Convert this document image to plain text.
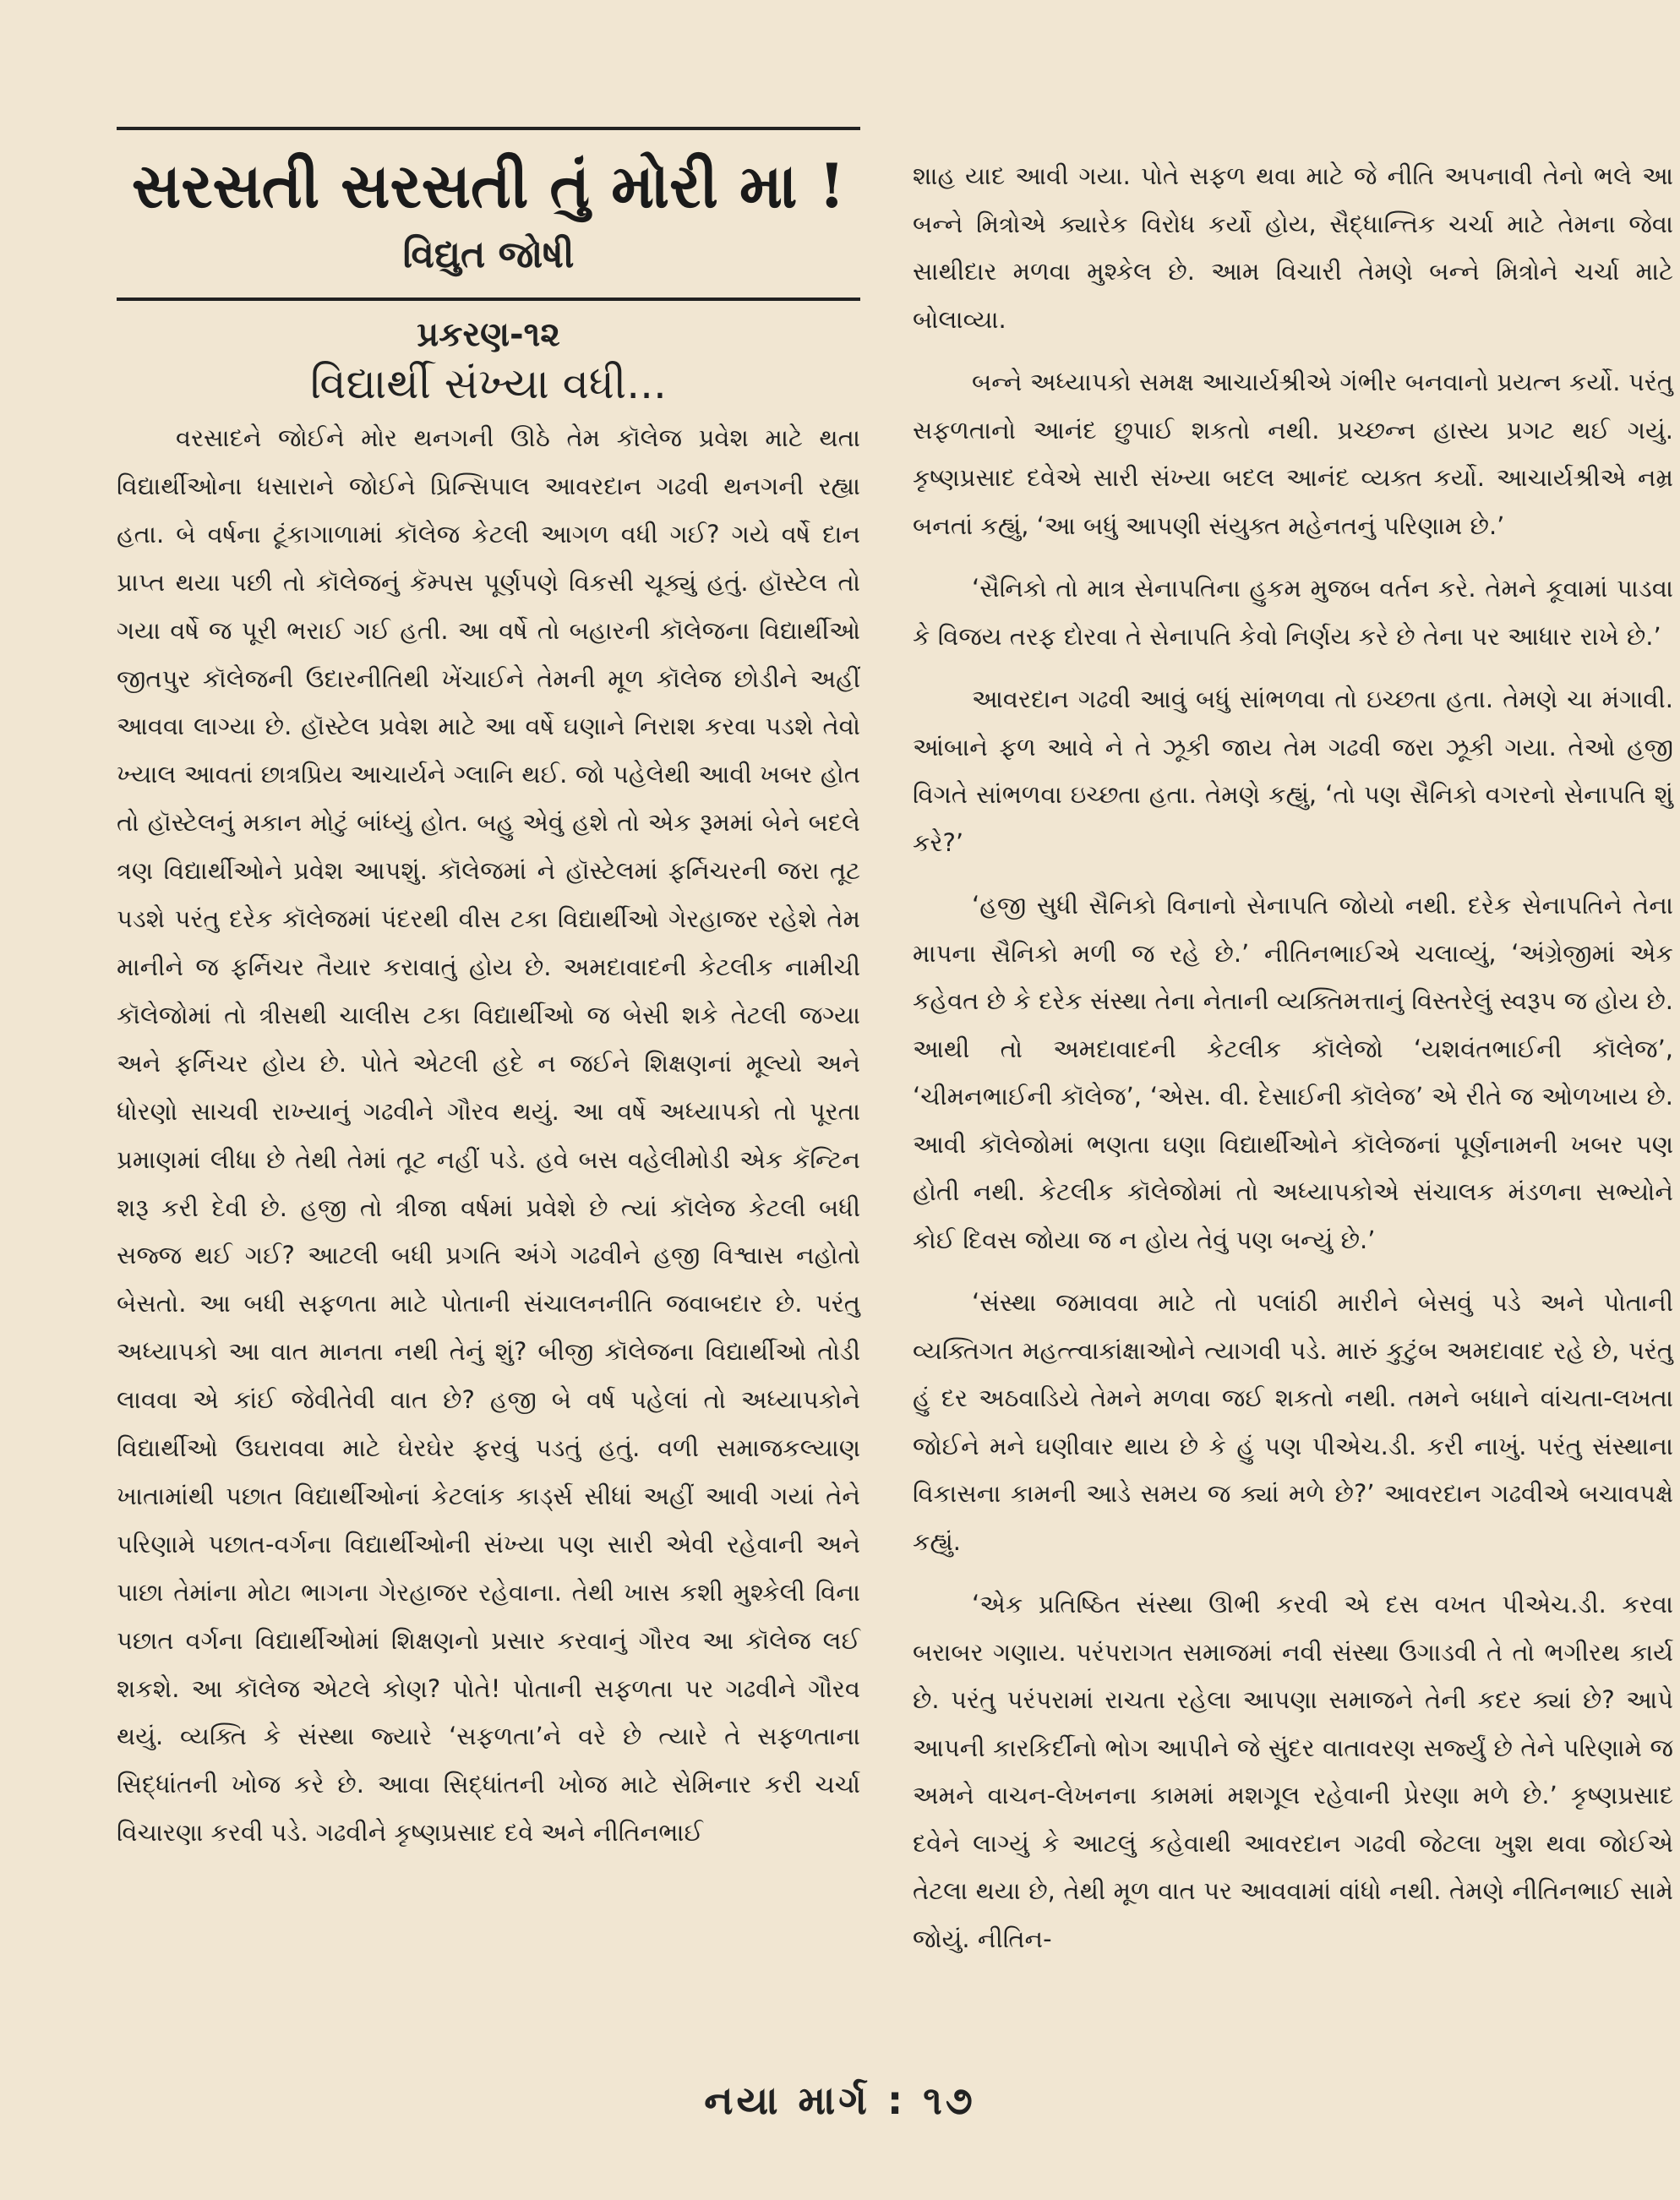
સરસતી સરસતી તું મોરી મા !
વિદ્યુત જોષી
પ્રકરણ-૧૨
વિદ્યાર્થી સંખ્યા વધી...

વરસાદને જોઈને મોર થનગની ઊઠે તેમ કૉલેજ પ્રવેશ માટે થતા વિદ્યાર્થીઓના ધસારાને જોઈને પ્રિન્સિપાલ આવરદાન ગઢવી થનગની રહ્યા હતા. બે વર્ષના ટૂંકાગાળામાં કૉલેજ કેટલી આગળ વધી ગઈ? ગયે વર્ષે દાન પ્રાપ્ત થયા પછી તો કૉલેજનું કૅમ્પસ પૂર્ણપણે વિકસી ચૂક્યું હતું. હૉસ્ટેલ તો ગયા વર્ષે જ પૂરી ભરાઈ ગઈ હતી. આ વર્ષે તો બહારની કૉલેજના વિદ્યાર્થીઓ જીતપુર કૉલેજની ઉદારનીતિથી ખેંચાઈને તેમની મૂળ કૉલેજ છોડીને અહીં આવવા લાગ્યા છે. હૉસ્ટેલ પ્રવેશ માટે આ વર્ષે ઘણાને નિરાશ કરવા પડશે તેવો ખ્યાલ આવતાં છાત્રપ્રિય આચાર્યને ગ્લાનિ થઈ. જો પહેલેથી આવી ખબર હોત તો હૉસ્ટેલનું મકાન મોટું બાંધ્યું હોત. બહુ એવું હશે તો એક રૂમમાં બેને બદલે ત્રણ વિદ્યાર્થીઓને પ્રવેશ આપશું. કૉલેજમાં ને હૉસ્ટેલમાં ફર્નિચરની જરા તૂટ પડશે પરંતુ દરેક કૉલેજમાં પંદરથી વીસ ટકા વિદ્યાર્થીઓ ગેરહાજર રહેશે તેમ માનીને જ ફર્નિચર તૈયાર કરાવાતું હોય છે. અમદાવાદની કેટલીક નામીચી કૉલેજોમાં તો ત્રીસથી ચાલીસ ટકા વિદ્યાર્થીઓ જ બેસી શકે તેટલી જગ્યા અને ફર્નિચર હોય છે. પોતે એટલી હદે ન જઈને શિક્ષણનાં મૂલ્યો અને ધોરણો સાચવી રાખ્યાનું ગઢવીને ગૌરવ થયું. આ વર્ષે અધ્યાપકો તો પૂરતા પ્રમાણમાં લીધા છે તેથી તેમાં તૂટ નહીં પડે. હવે બસ વહેલીમોડી એક કૅન્ટિન શરૂ કરી દેવી છે. હજી તો ત્રીજા વર્ષમાં પ્રવેશે છે ત્યાં કૉલેજ કેટલી બધી સજ્જ થઈ ગઈ? આટલી બધી પ્રગતિ અંગે ગઢવીને હજી વિશ્વાસ નહોતો બેસતો. આ બધી સફળતા માટે પોતાની સંચાલનનીતિ જવાબદાર છે. પરંતુ અધ્યાપકો આ વાત માનતા નથી તેનું શું? બીજી કૉલેજના વિદ્યાર્થીઓ તોડી લાવવા એ કાંઈ જેવીતેવી વાત છે? હજી બે વર્ષ પહેલાં તો અધ્યાપકોને વિદ્યાર્થીઓ ઉઘરાવવા માટે ઘેરઘેર ફરવું પડતું હતું. વળી સમાજકલ્યાણ ખાતામાંથી પછાત વિદ્યાર્થીઓનાં કેટલાંક કાર્ડ્સ સીધાં અહીં આવી ગયાં તેને પરિણામે પછાત-વર્ગના વિદ્યાર્થીઓની સંખ્યા પણ સારી એવી રહેવાની અને પાછા તેમાંના મોટા ભાગના ગેરહાજર રહેવાના. તેથી ખાસ કશી મુશ્કેલી વિના પછાત વર્ગના વિદ્યાર્થીઓમાં શિક્ષણનો પ્રસાર કરવાનું ગૌરવ આ કૉલેજ લઈ શકશે. આ કૉલેજ એટલે કોણ? પોતે! પોતાની સફળતા પર ગઢવીને ગૌરવ થયું. વ્યક્તિ કે સંસ્થા જ્યારે ‘સફળતા’ને વરે છે ત્યારે તે સફળતાના સિદ્ધાંતની ખોજ કરે છે. આવા સિદ્ધાંતની ખોજ માટે સેમિનાર કરી ચર્ચા વિચારણા કરવી પડે. ગઢવીને કૃષ્ણપ્રસાદ દવે અને નીતિનભાઈ

શાહ યાદ આવી ગયા. પોતે સફળ થવા માટે જે નીતિ અપનાવી તેનો ભલે આ બન્ને મિત્રોએ ક્યારેક વિરોધ કર્યો હોય, સૈદ્ધાન્તિક ચર્ચા માટે તેમના જેવા સાથીદાર મળવા મુશ્કેલ છે. આમ વિચારી તેમણે બન્ને મિત્રોને ચર્ચા માટે બોલાવ્યા.

બન્ને અધ્યાપકો સમક્ષ આચાર્યશ્રીએ ગંભીર બનવાનો પ્રયત્ન કર્યો. પરંતુ સફળતાનો આનંદ છુપાઈ શકતો નથી. પ્રચ્છન્ન હાસ્ય પ્રગટ થઈ ગયું. કૃષ્ણપ્રસાદ દવેએ સારી સંખ્યા બદલ આનંદ વ્યક્ત કર્યો. આચાર્યશ્રીએ નમ્ર બનતાં કહ્યું, ‘આ બધું આપણી સંયુક્ત મહેનતનું પરિણામ છે.’

‘સૈનિકો તો માત્ર સેનાપતિના હુકમ મુજબ વર્તન કરે. તેમને કૂવામાં પાડવા કે વિજય તરફ દોરવા તે સેનાપતિ કેવો નિર્ણય કરે છે તેના પર આધાર રાખે છે.’

આવરદાન ગઢવી આવું બધું સાંભળવા તો ઇચ્છતા હતા. તેમણે ચા મંગાવી. આંબાને ફળ આવે ને તે ઝૂકી જાય તેમ ગઢવી જરા ઝૂકી ગયા. તેઓ હજી વિગતે સાંભળવા ઇચ્છતા હતા. તેમણે કહ્યું, ‘તો પણ સૈનિકો વગરનો સેનાપતિ શું કરે?’

‘હજી સુધી સૈનિકો વિનાનો સેનાપતિ જોયો નથી. દરેક સેનાપતિને તેના માપના સૈનિકો મળી જ રહે છે.’ નીતિનભાઈએ ચલાવ્યું, ‘અંગ્રેજીમાં એક કહેવત છે કે દરેક સંસ્થા તેના નેતાની વ્યક્તિમત્તાનું વિસ્તરેલું સ્વરૂપ જ હોય છે. આથી તો અમદાવાદની કેટલીક કૉલેજો ‘યશવંતભાઈની કૉલેજ’, ‘ચીમનભાઈની કૉલેજ’, ‘એસ. વી. દેસાઈની કૉલેજ’ એ રીતે જ ઓળખાય છે. આવી કૉલેજોમાં ભણતા ઘણા વિદ્યાર્થીઓને કૉલેજનાં પૂર્ણનામની ખબર પણ હોતી નથી. કેટલીક કૉલેજોમાં તો અધ્યાપકોએ સંચાલક મંડળના સભ્યોને કોઈ દિવસ જોયા જ ન હોય તેવું પણ બન્યું છે.’

‘સંસ્થા જમાવવા માટે તો પલાંઠી મારીને બેસવું પડે અને પોતાની વ્યક્તિગત મહત્ત્વાકાંક્ષાઓને ત્યાગવી પડે. મારું કુટુંબ અમદાવાદ રહે છે, પરંતુ હું દર અઠવાડિયે તેમને મળવા જઈ શકતો નથી. તમને બધાને વાંચતા-લખતા જોઈને મને ઘણીવાર થાય છે કે હું પણ પીએચ.ડી. કરી નાખું. પરંતુ સંસ્થાના વિકાસના કામની આડે સમય જ ક્યાં મળે છે?’ આવરદાન ગઢવીએ બચાવપક્ષે કહ્યું.

‘એક પ્રતિષ્ઠિત સંસ્થા ઊભી કરવી એ દસ વખત પીએચ.ડી. કરવા બરાબર ગણાય. પરંપરાગત સમાજમાં નવી સંસ્થા ઉગાડવી તે તો ભગીરથ કાર્ય છે. પરંતુ પરંપરામાં રાચતા રહેલા આપણા સમાજને તેની કદર ક્યાં છે? આપે આપની કારકિર્દીનો ભોગ આપીને જે સુંદર વાતાવરણ સર્જ્યું છે તેને પરિણામે જ અમને વાચન-લેખનના કામમાં મશગૂલ રહેવાની પ્રેરણા મળે છે.’ કૃષ્ણપ્રસાદ દવેને લાગ્યું કે આટલું કહેવાથી આવરદાન ગઢવી જેટલા ખુશ થવા જોઈએ તેટલા થયા છે, તેથી મૂળ વાત પર આવવામાં વાંધો નથી. તેમણે નીતિનભાઈ સામે જોયું. નીતિન-

નયા માર્ગ : ૧૭
